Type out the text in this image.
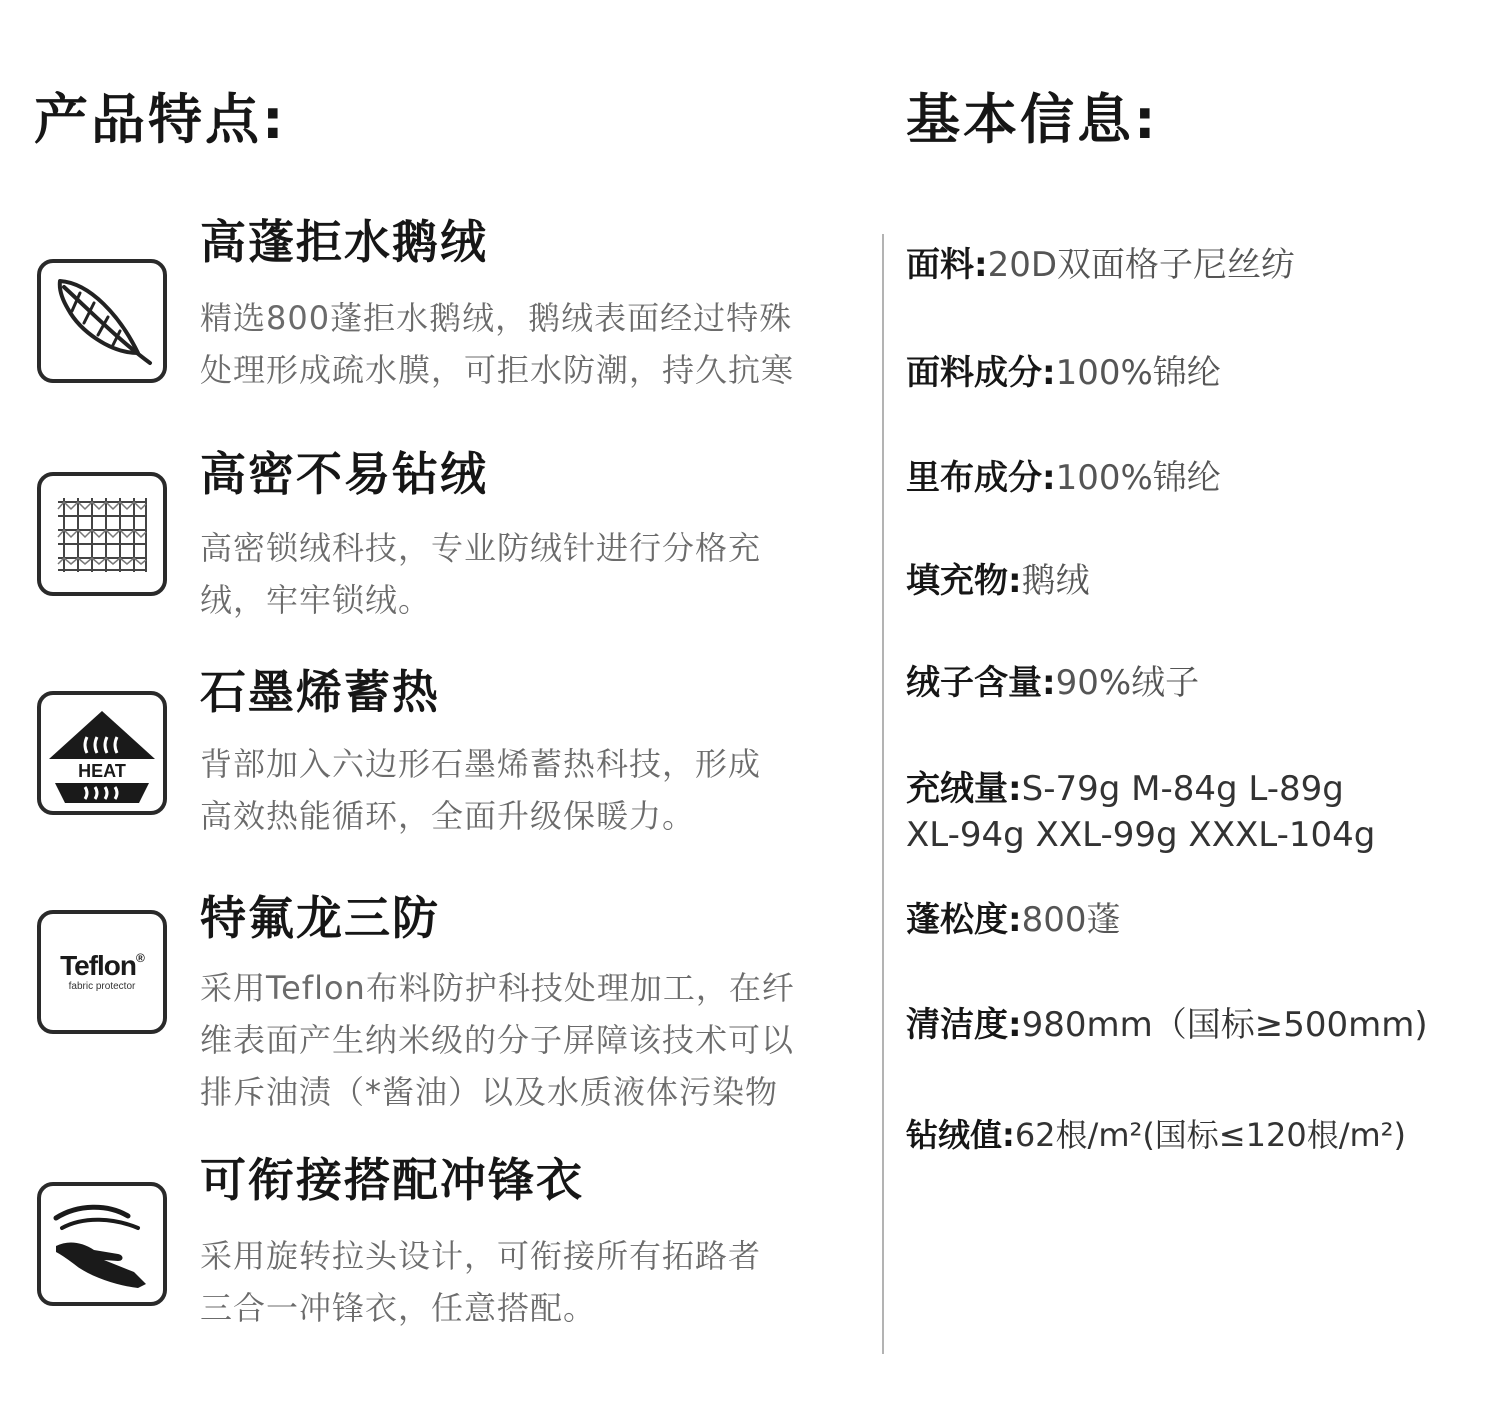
产品特点:	基本信息:
高蓬拒水鹅绒

精选800蓬拒水鹅绒，鹅绒表面经过特殊
处理形成疏水膜，可拒水防潮，持久抗寒

高密不易钻绒

高密锁绒科技，专业防绒针进行分格充
绒，牢牢锁绒。

HEAT
石墨烯蓄热

背部加入六边形石墨烯蓄热科技，形成
高效热能循环，全面升级保暖力。

Teflon®
fabric protector
特氟龙三防

采用Teflon布料防护科技处理加工，在纤
维表面产生纳米级的分子屏障该技术可以
排斥油渍（*酱油）以及水质液体污染物

可衔接搭配冲锋衣

采用旋转拉头设计，可衔接所有拓路者
三合一冲锋衣，任意搭配。

面料:20D双面格子尼丝纺

面料成分:100%锦纶

里布成分:100%锦纶

填充物:鹅绒

绒子含量:90%绒子

充绒量:S-79g M-84g L-89g
XL-94g XXL-99g XXXL-104g

蓬松度:800蓬

清洁度:980mm（国标≥500mm)

钻绒值:62根/m²(国标≤120根/m²)
